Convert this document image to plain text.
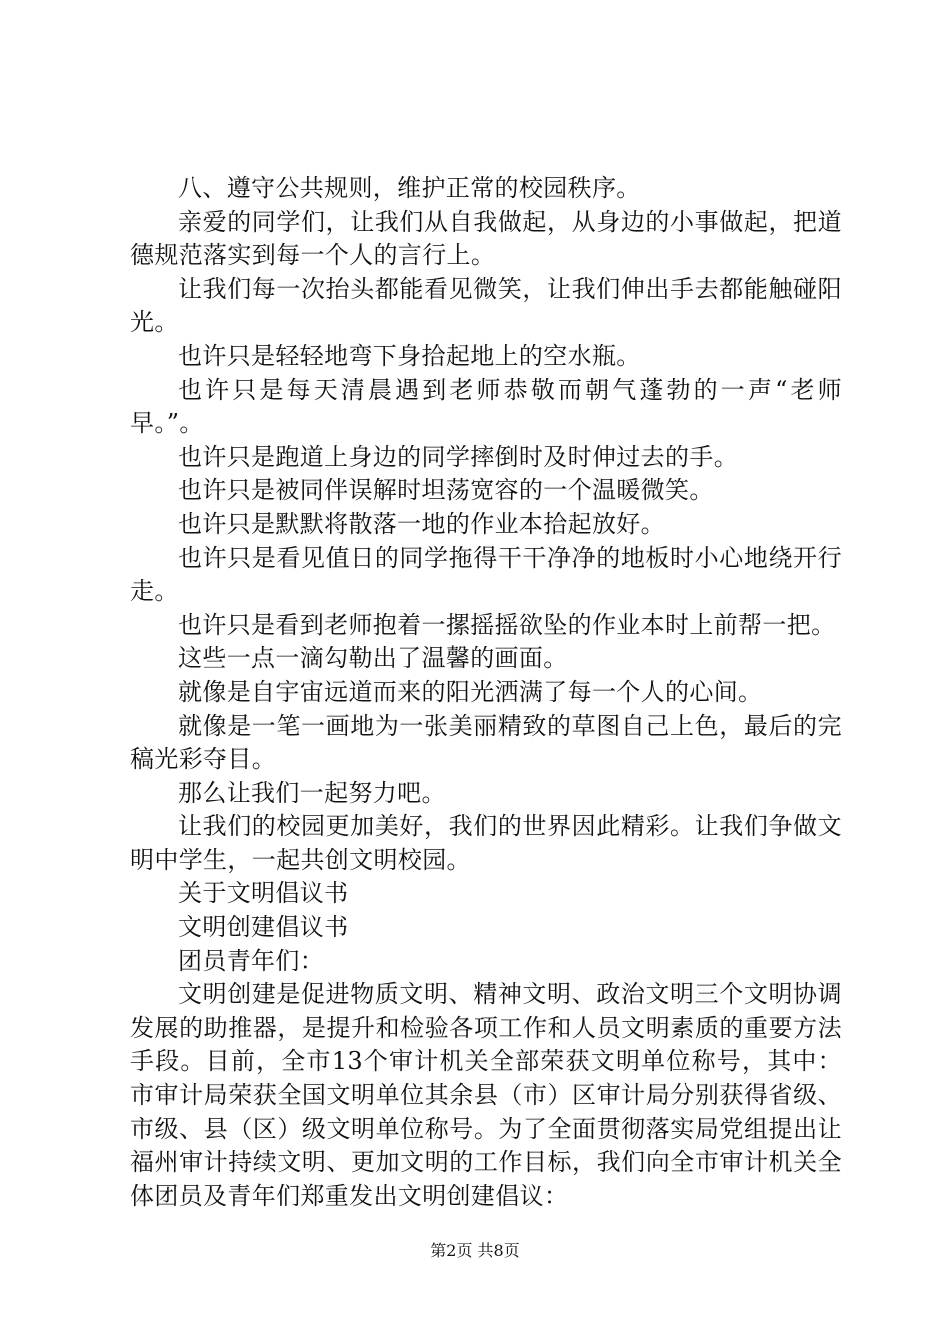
八、遵守公共规则，维护正常的校园秩序。

亲爱的同学们，让我们从自我做起，从身边的小事做起，把道德规范落实到每一个人的言行上。

让我们每一次抬头都能看见微笑，让我们伸出手去都能触碰阳光。

也许只是轻轻地弯下身拾起地上的空水瓶。

也许只是每天清晨遇到老师恭敬而朝气蓬勃的一声“老师早。”。

也许只是跑道上身边的同学摔倒时及时伸过去的手。

也许只是被同伴误解时坦荡宽容的一个温暖微笑。

也许只是默默将散落一地的作业本拾起放好。

也许只是看见值日的同学拖得干干净净的地板时小心地绕开行走。

也许只是看到老师抱着一摞摇摇欲坠的作业本时上前帮一把。

这些一点一滴勾勒出了温馨的画面。

就像是自宇宙远道而来的阳光洒满了每一个人的心间。

就像是一笔一画地为一张美丽精致的草图自己上色，最后的完稿光彩夺目。

那么让我们一起努力吧。

让我们的校园更加美好，我们的世界因此精彩。让我们争做文明中学生，一起共创文明校园。

关于文明倡议书

文明创建倡议书

团员青年们：

文明创建是促进物质文明、精神文明、政治文明三个文明协调发展的助推器，是提升和检验各项工作和人员文明素质的重要方法手段。目前，全市13个审计机关全部荣获文明单位称号，其中：市审计局荣获全国文明单位其余县（市）区审计局分别获得省级、市级、县（区）级文明单位称号。为了全面贯彻落实局党组提出让福州审计持续文明、更加文明的工作目标，我们向全市审计机关全体团员及青年们郑重发出文明创建倡议：

第2页 共8页
